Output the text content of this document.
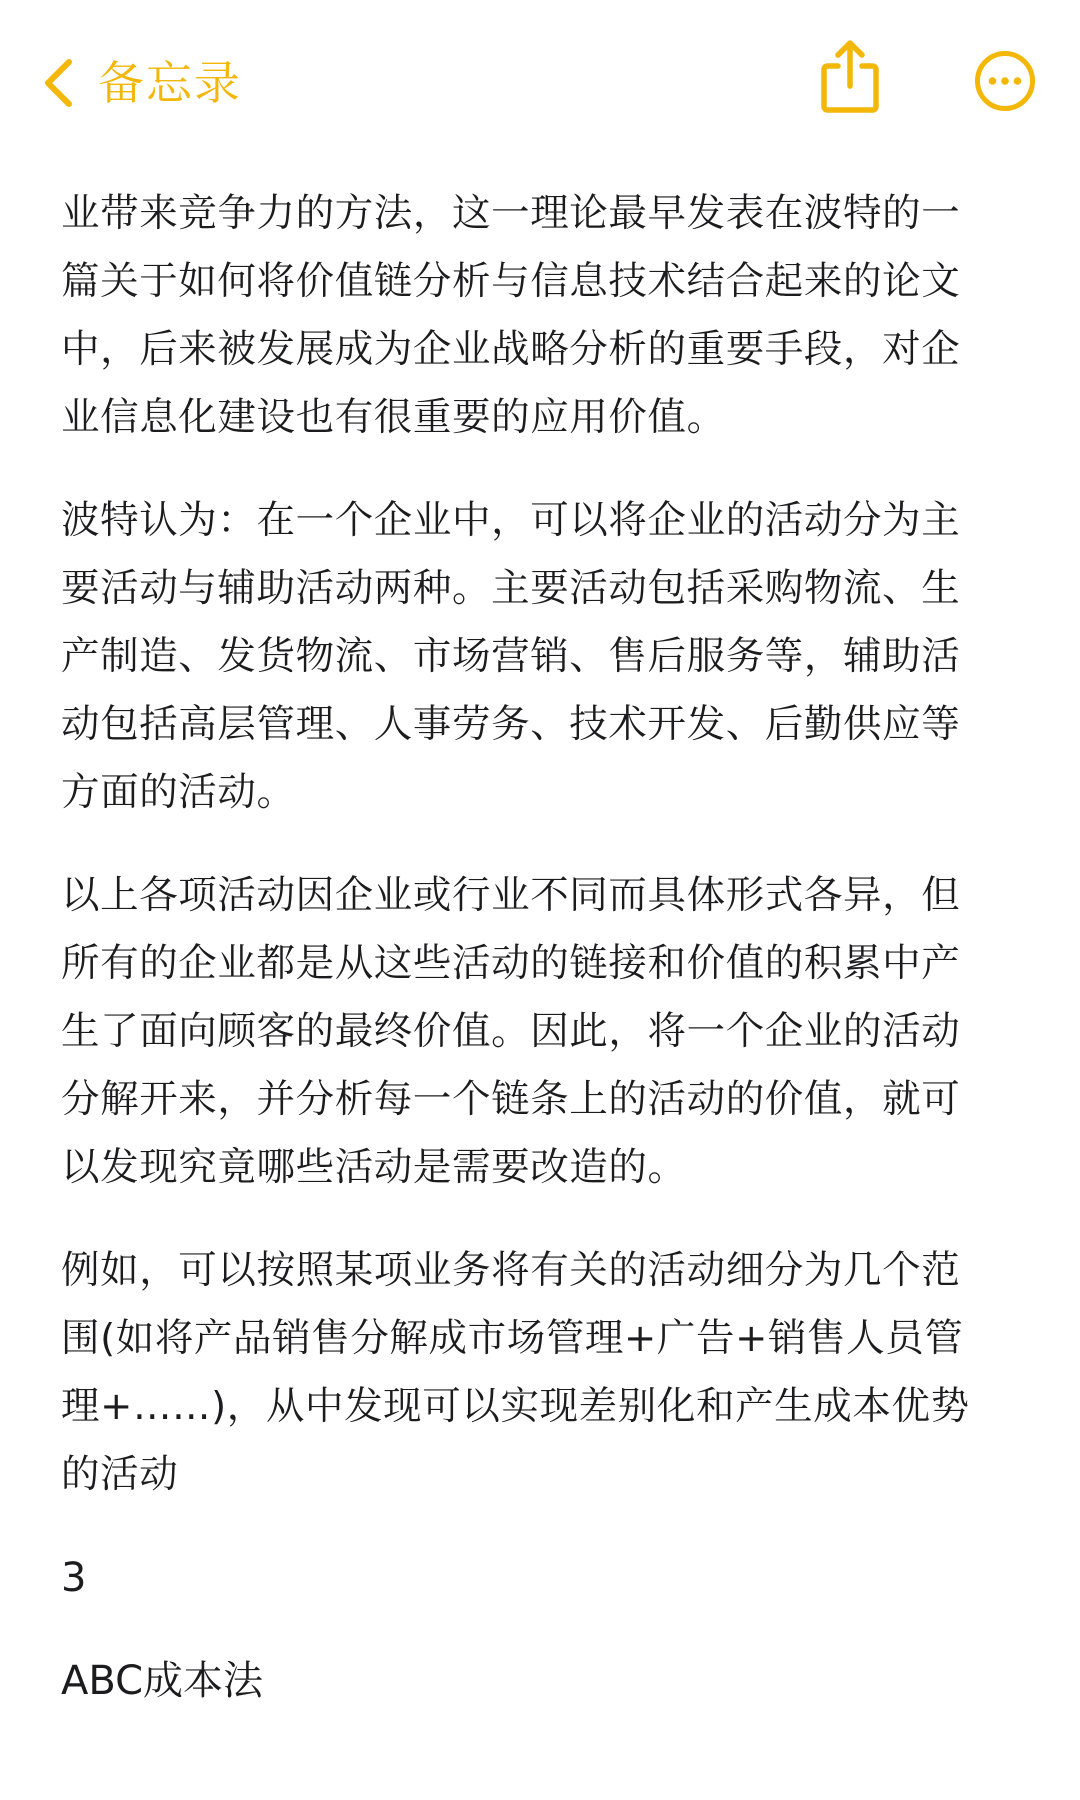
备忘录

业带来竞争力的方法，这一理论最早发表在波特的一
篇关于如何将价值链分析与信息技术结合起来的论文
中，后来被发展成为企业战略分析的重要手段，对企
业信息化建设也有很重要的应用价值。

波特认为：在一个企业中，可以将企业的活动分为主
要活动与辅助活动两种。主要活动包括采购物流、生
产制造、发货物流、市场营销、售后服务等，辅助活
动包括高层管理、人事劳务、技术开发、后勤供应等
方面的活动。

以上各项活动因企业或行业不同而具体形式各异，但
所有的企业都是从这些活动的链接和价值的积累中产
生了面向顾客的最终价值。因此，将一个企业的活动
分解开来，并分析每一个链条上的活动的价值，就可
以发现究竟哪些活动是需要改造的。

例如，可以按照某项业务将有关的活动细分为几个范
围(如将产品销售分解成市场管理+广告+销售人员管
理+……)，从中发现可以实现差别化和产生成本优势
的活动

3

ABC成本法
